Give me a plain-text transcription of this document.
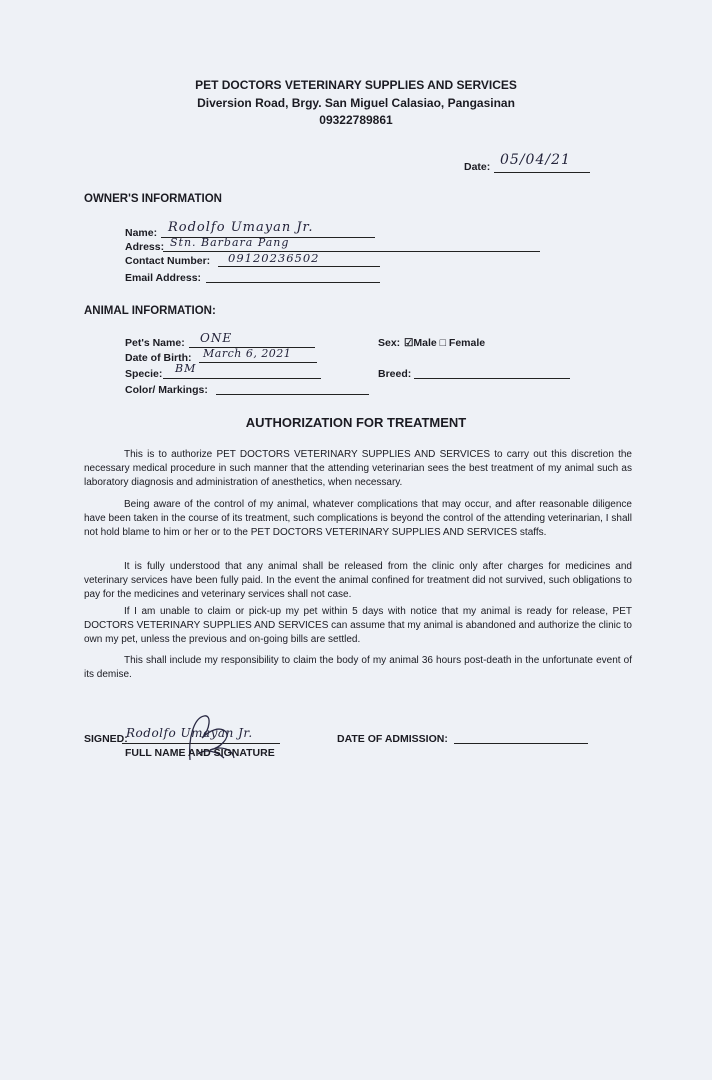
PET DOCTORS VETERINARY SUPPLIES AND SERVICES
Diversion Road, Brgy. San Miguel Calasiao, Pangasinan
09322789861
Date: 05/04/21
OWNER'S INFORMATION
Name: Rodolfo Umayan Jr.
Adress: Stn. Barbara Pang
Contact Number: 09120236502
Email Address:
ANIMAL INFORMATION:
Pet's Name: ONE
Date of Birth: March 6, 2021
Specie: BM
Color/ Markings:
Sex: ☑Male □ Female
Breed:
AUTHORIZATION FOR TREATMENT

This is to authorize PET DOCTORS VETERINARY SUPPLIES AND SERVICES to carry out this discretion the necessary medical procedure in such manner that the attending veterinarian sees the best treatment of my animal such as laboratory diagnosis and administration of anesthetics, when necessary.

Being aware of the control of my animal, whatever complications that may occur, and after reasonable diligence have been taken in the course of its treatment, such complications is beyond the control of the attending veterinarian, I shall not hold blame to him or her or to the PET DOCTORS VETERINARY SUPPLIES AND SERVICES staffs.

It is fully understood that any animal shall be released from the clinic only after charges for medicines and veterinary services have been fully paid. In the event the animal confined for treatment did not survived, such obligations to pay for the medicines and veterinary services shall not case.

If I am unable to claim or pick-up my pet within 5 days with notice that my animal is ready for release, PET DOCTORS VETERINARY SUPPLIES AND SERVICES can assume that my animal is abandoned and authorize the clinic to own my pet, unless the previous and on-going bills are settled.

This shall include my responsibility to claim the body of my animal 36 hours post-death in the unfortunate event of its demise.

SIGNED:
Rodolfo Umayan Jr.
FULL NAME AND SIGNATURE
DATE OF ADMISSION:
